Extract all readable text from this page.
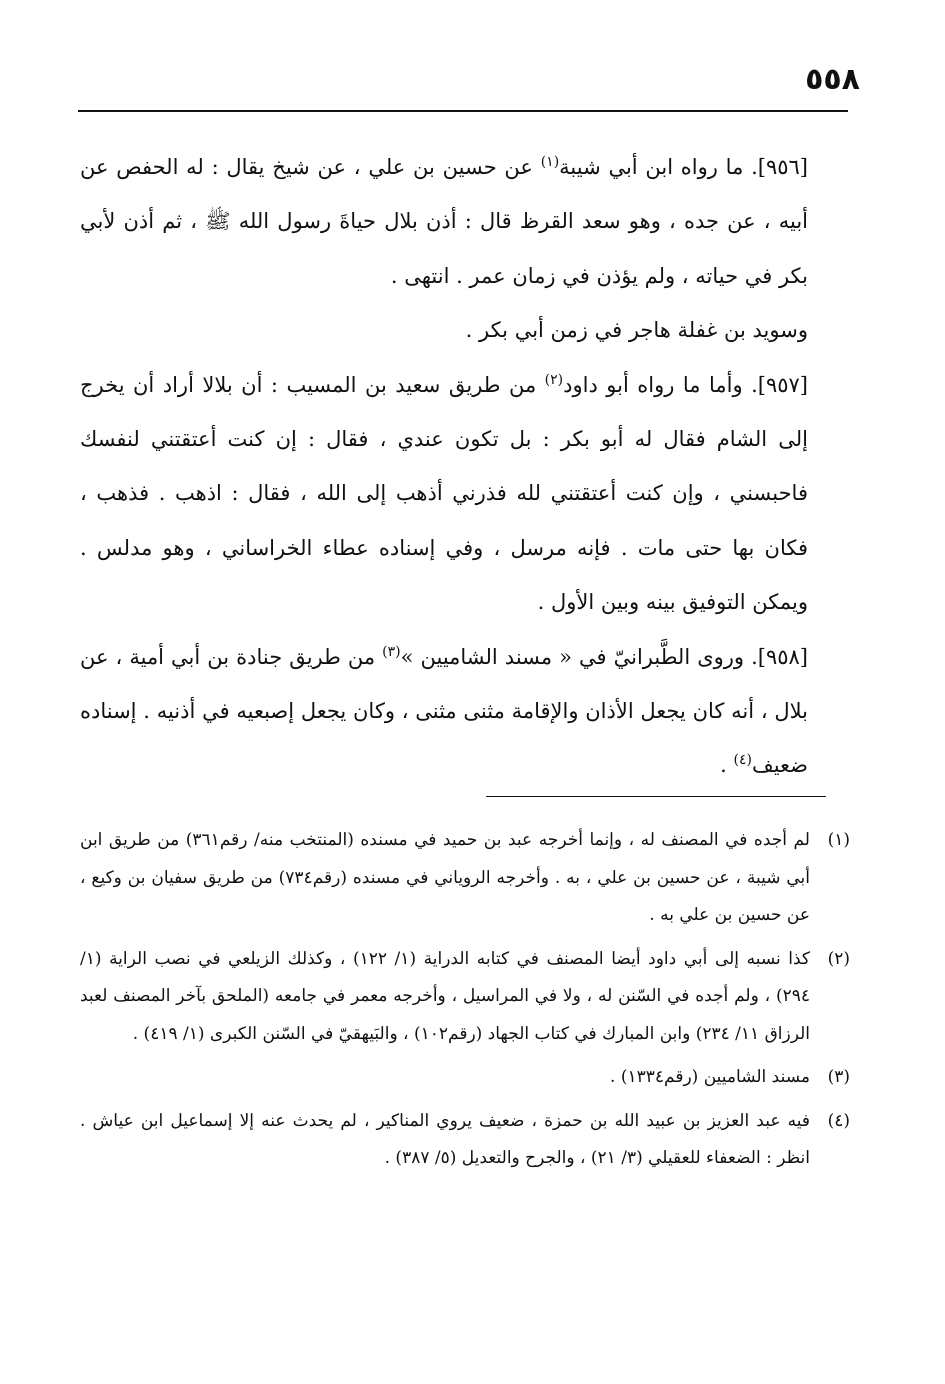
٥٥٨

[٩٥٦]. ما رواه ابن أبي شيبة$^{(١)}$ عن حسين بن علي ، عن شيخ يقال : له الحفص عن أبيه ، عن جده ، وهو سعد القرظ قال : أذن بلال حياةَ رسول الله ﷺ ، ثم أذن لأبي بكر في حياته ، ولم يؤذن في زمان عمر . انتهى .

وسويد بن غفلة هاجر في زمن أبي بكر .

[٩٥٧]. وأما ما رواه أبو داود$^{(٢)}$ من طريق سعيد بن المسيب : أن بلالا أراد أن يخرج إلى الشام فقال له أبو بكر : بل تكون عندي ، فقال : إن كنت أعتقتني لنفسك فاحبسني ، وإن كنت أعتقتني لله فذرني أذهب إلى الله ، فقال : اذهب . فذهب ، فكان بها حتى مات . فإنه مرسل ، وفي إسناده عطاء الخراساني ، وهو مدلس . ويمكن التوفيق بينه وبين الأول .

[٩٥٨]. وروى الطَّبرانيّ في « مسند الشاميين »$^{(٣)}$ من طريق جنادة بن أبي أمية ، عن بلال ، أنه كان يجعل الأذان والإقامة مثنى مثنى ، وكان يجعل إصبعيه في أذنيه . إسناده ضعيف$^{(٤)}$ .

(١)
لم أجده في المصنف له ، وإنما أخرجه عبد بن حميد في مسنده (المنتخب منه/ رقم٣٦١) من طريق ابن أبي شيبة ، عن حسين بن علي ، به . وأخرجه الروياني في مسنده (رقم٧٣٤) من طريق سفيان بن وكيع ، عن حسين بن علي به .
(٢)
كذا نسبه إلى أبي داود أيضا المصنف في كتابه الدراية (١/ ١٢٢) ، وكذلك الزيلعي في نصب الراية (١/ ٢٩٤) ، ولم أجده في السّنن له ، ولا في المراسيل ، وأخرجه معمر في جامعه (الملحق بآخر المصنف لعبد الرزاق ١١/ ٢٣٤) وابن المبارك في كتاب الجهاد (رقم١٠٢) ، والبَيهقيّ في السّنن الكبرى (١/ ٤١٩) .
(٣)
مسند الشاميين (رقم١٣٣٤) .
(٤)
فيه عبد العزيز بن عبيد الله بن حمزة ، ضعيف يروي المناكير ، لم يحدث عنه إلا إسماعيل ابن عياش . انظر : الضعفاء للعقيلي (٣/ ٢١) ، والجرح والتعديل (٥/ ٣٨٧) .
